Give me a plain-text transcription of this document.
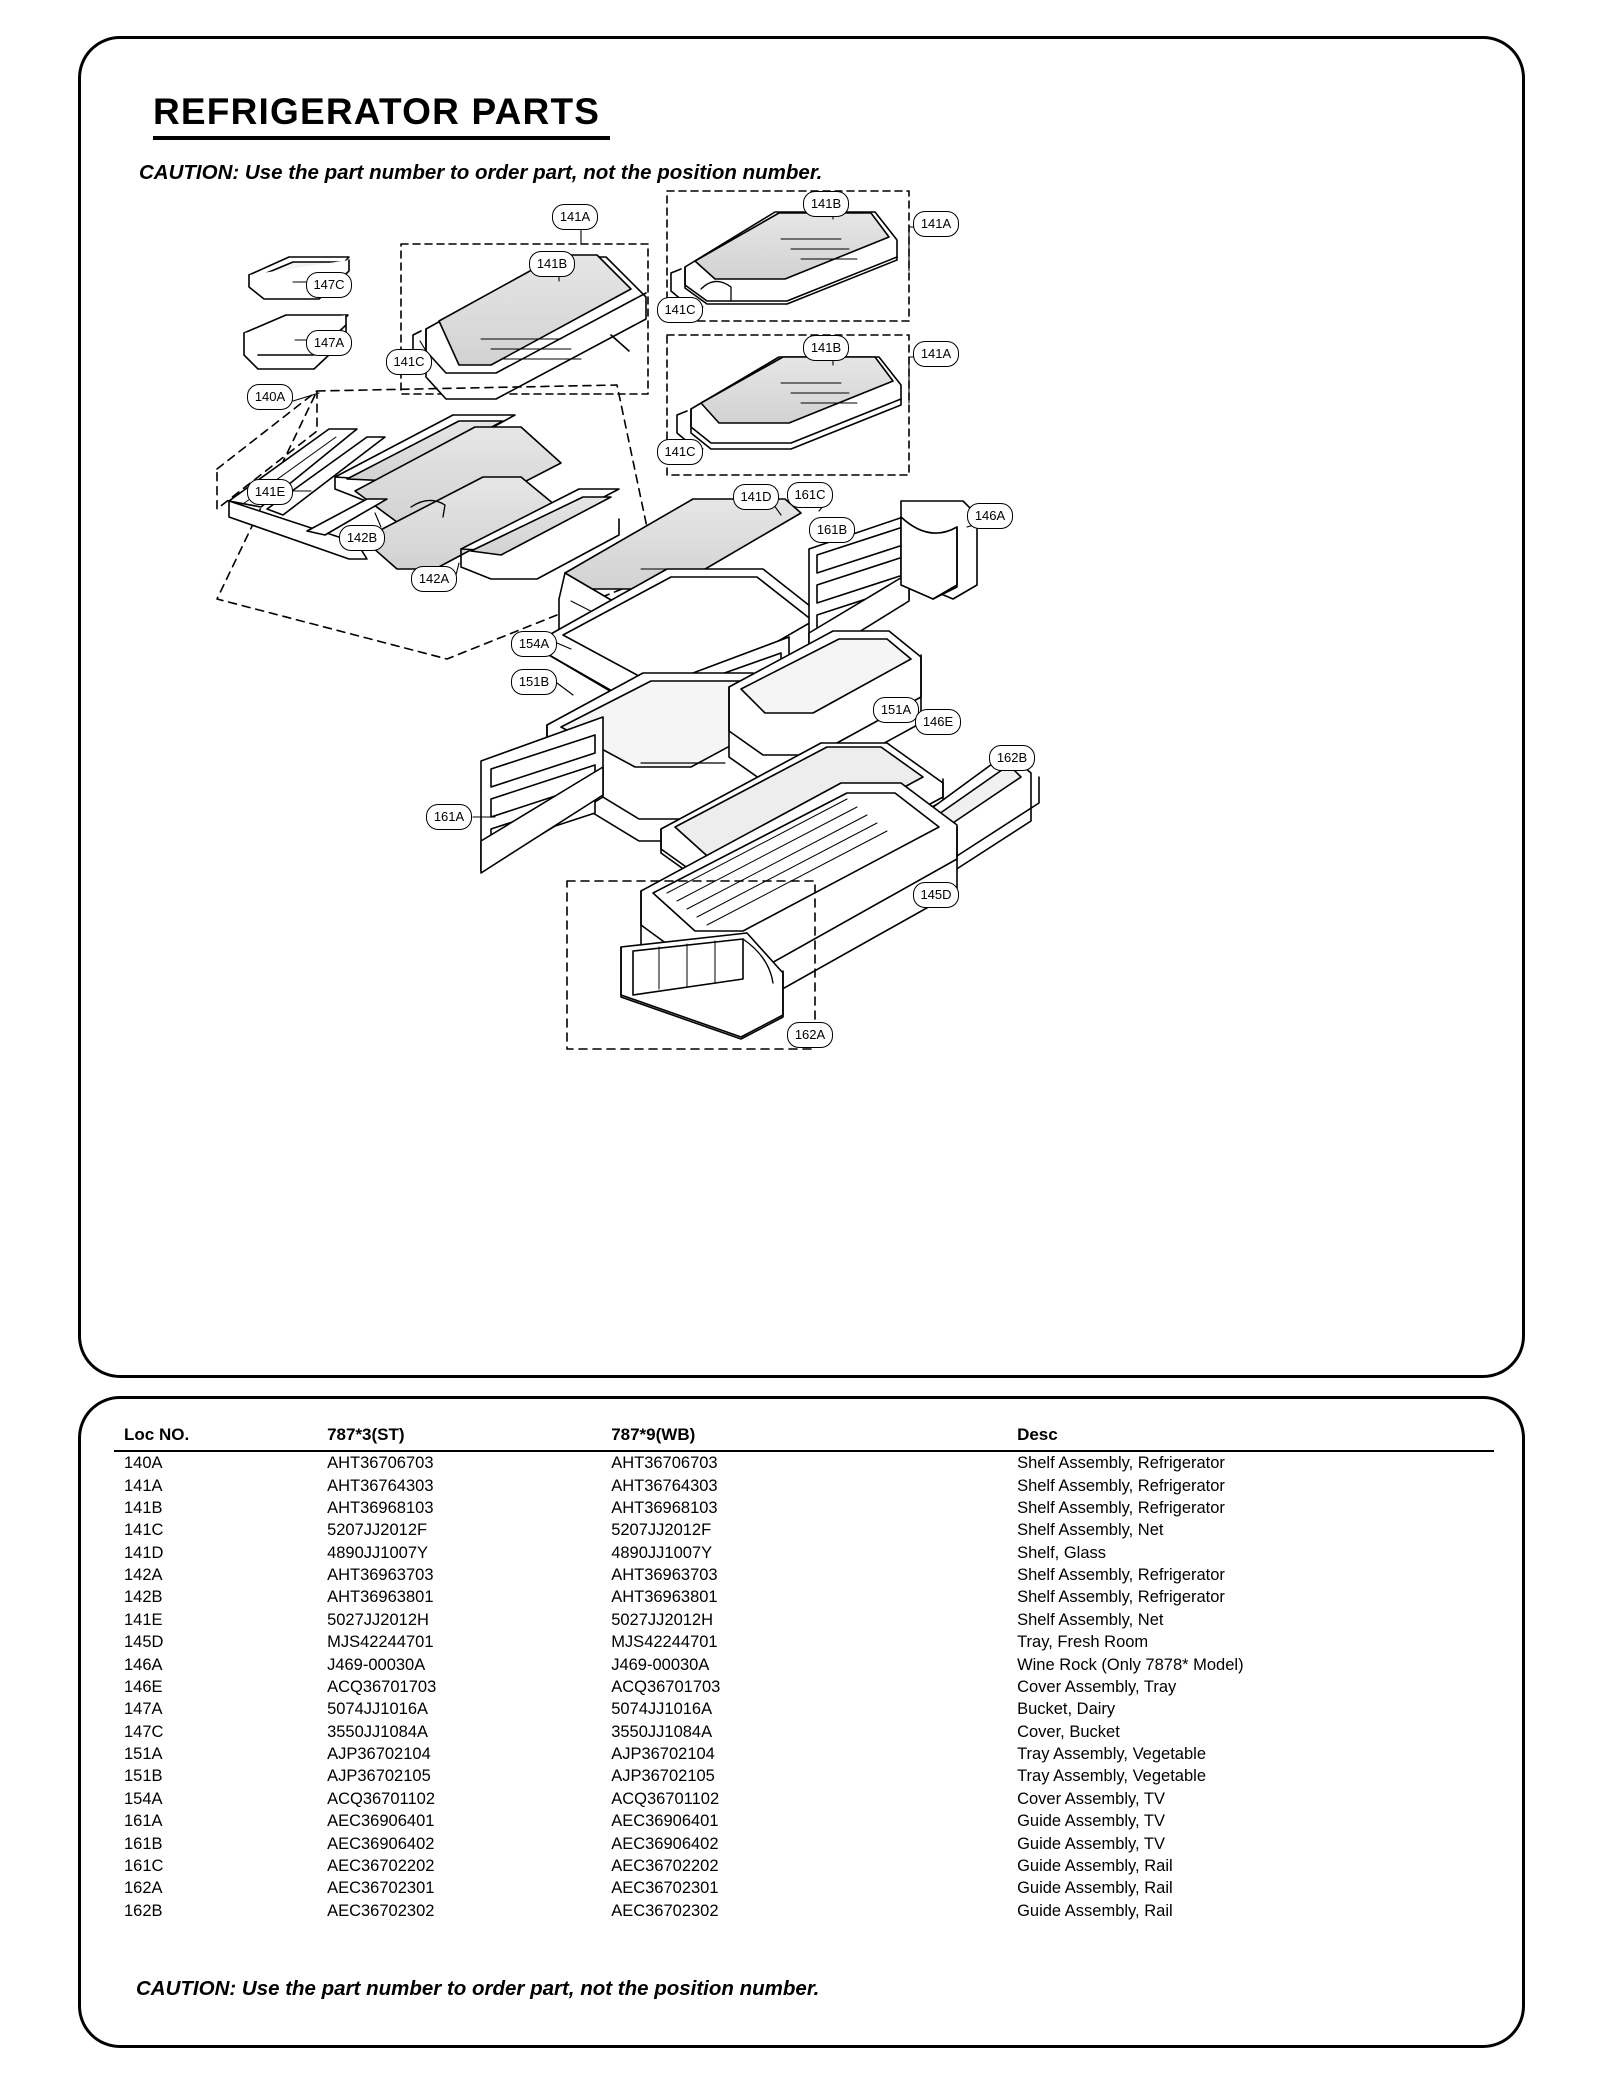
REFRIGERATOR PARTS
CAUTION: Use the part number to order part, not the position number.
141A
147C
147A
141B
141C
141B
141A
141C
141B	141A
141C
140A
141E
142B
142A
141D	161C
161B
146A
154A
151B
151A
146E
162B
161A
145D
162A
Loc NO.	787*3(ST)	787*9(WB)	Desc
140A	AHT36706703	AHT36706703	Shelf Assembly, Refrigerator
141A	AHT36764303	AHT36764303	Shelf Assembly, Refrigerator
141B	AHT36968103	AHT36968103	Shelf Assembly, Refrigerator
141C	5207JJ2012F	5207JJ2012F	Shelf Assembly, Net
141D	4890JJ1007Y	4890JJ1007Y	Shelf, Glass
142A	AHT36963703	AHT36963703	Shelf Assembly, Refrigerator
142B	AHT36963801	AHT36963801	Shelf Assembly, Refrigerator
141E	5027JJ2012H	5027JJ2012H	Shelf Assembly, Net
145D	MJS42244701	MJS42244701	Tray, Fresh Room
146A	J469-00030A	J469-00030A	Wine Rock (Only 7878* Model)
146E	ACQ36701703	ACQ36701703	Cover Assembly, Tray
147A	5074JJ1016A	5074JJ1016A	Bucket, Dairy
147C	3550JJ1084A	3550JJ1084A	Cover, Bucket
151A	AJP36702104	AJP36702104	Tray Assembly, Vegetable
151B	AJP36702105	AJP36702105	Tray Assembly, Vegetable
154A	ACQ36701102	ACQ36701102	Cover Assembly, TV
161A	AEC36906401	AEC36906401	Guide Assembly, TV
161B	AEC36906402	AEC36906402	Guide Assembly, TV
161C	AEC36702202	AEC36702202	Guide Assembly, Rail
162A	AEC36702301	AEC36702301	Guide Assembly, Rail
162B	AEC36702302	AEC36702302	Guide Assembly, Rail
CAUTION: Use the part number to order part, not the position number.
